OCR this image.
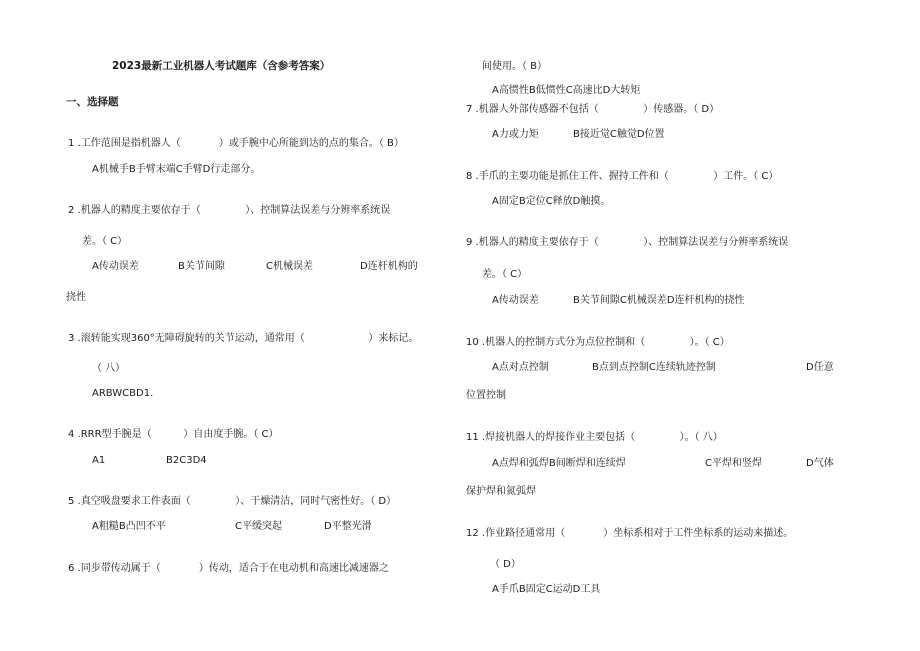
2023最新工业机器人考试题库（含参考答案）
一、选择题
1 .工作范围是指机器人（            ）或手腕中心所能到达的点的集合。（ B）
A机械手B手臂末端C手臂D行走部分。
2 .机器人的精度主要依存于（              ）、控制算法误差与分辨率系统误
差。（ C）
A传动误差	B关节间隙	C机械误差	D连杆机构的
挠性
3 .滚转能实现360°无障碍旋转的关节运动，通常用（                    ）来标记。
（ 八）
ARBWCBD1.
4 .RRR型手腕是（          ）自由度手腕。（ C）
A1	B2C3D4
5 .真空吸盘要求工件表面（              ）、干燥清洁，同时气密性好。（ D）
A粗糙B凸凹不平	C平缓突起	D平整光滑
6 .同步带传动属于（            ）传动，适合于在电动机和高速比减速器之
间使用。（ B）
A高惯性B低惯性C高速比D大转矩
7 .机器人外部传感器不包括（              ）传感器。（ D）
A力或力矩	B接近觉C触觉D位置
8 .手爪的主要功能是抓住工件、握持工件和（              ）工件。（ C）
A固定B定位C释放D触摸。
9 .机器人的精度主要依存于（              ）、控制算法误差与分辨率系统误
差。（ C）
A传动误差	B关节间隙C机械误差D连杆机构的挠性
10 .机器人的控制方式分为点位控制和（              ）。（ C）
A点对点控制	B点到点控制C连续轨迹控制	D任意
位置控制
11 .焊接机器人的焊接作业主要包括（              ）。（ 八）
A点焊和弧焊B间断焊和连续焊	C平焊和竖焊	D气体
保护焊和氮弧焊
12 .作业路径通常用（            ）坐标系相对于工件坐标系的运动来描述。
（ D）
A手爪B固定C运动D工具
